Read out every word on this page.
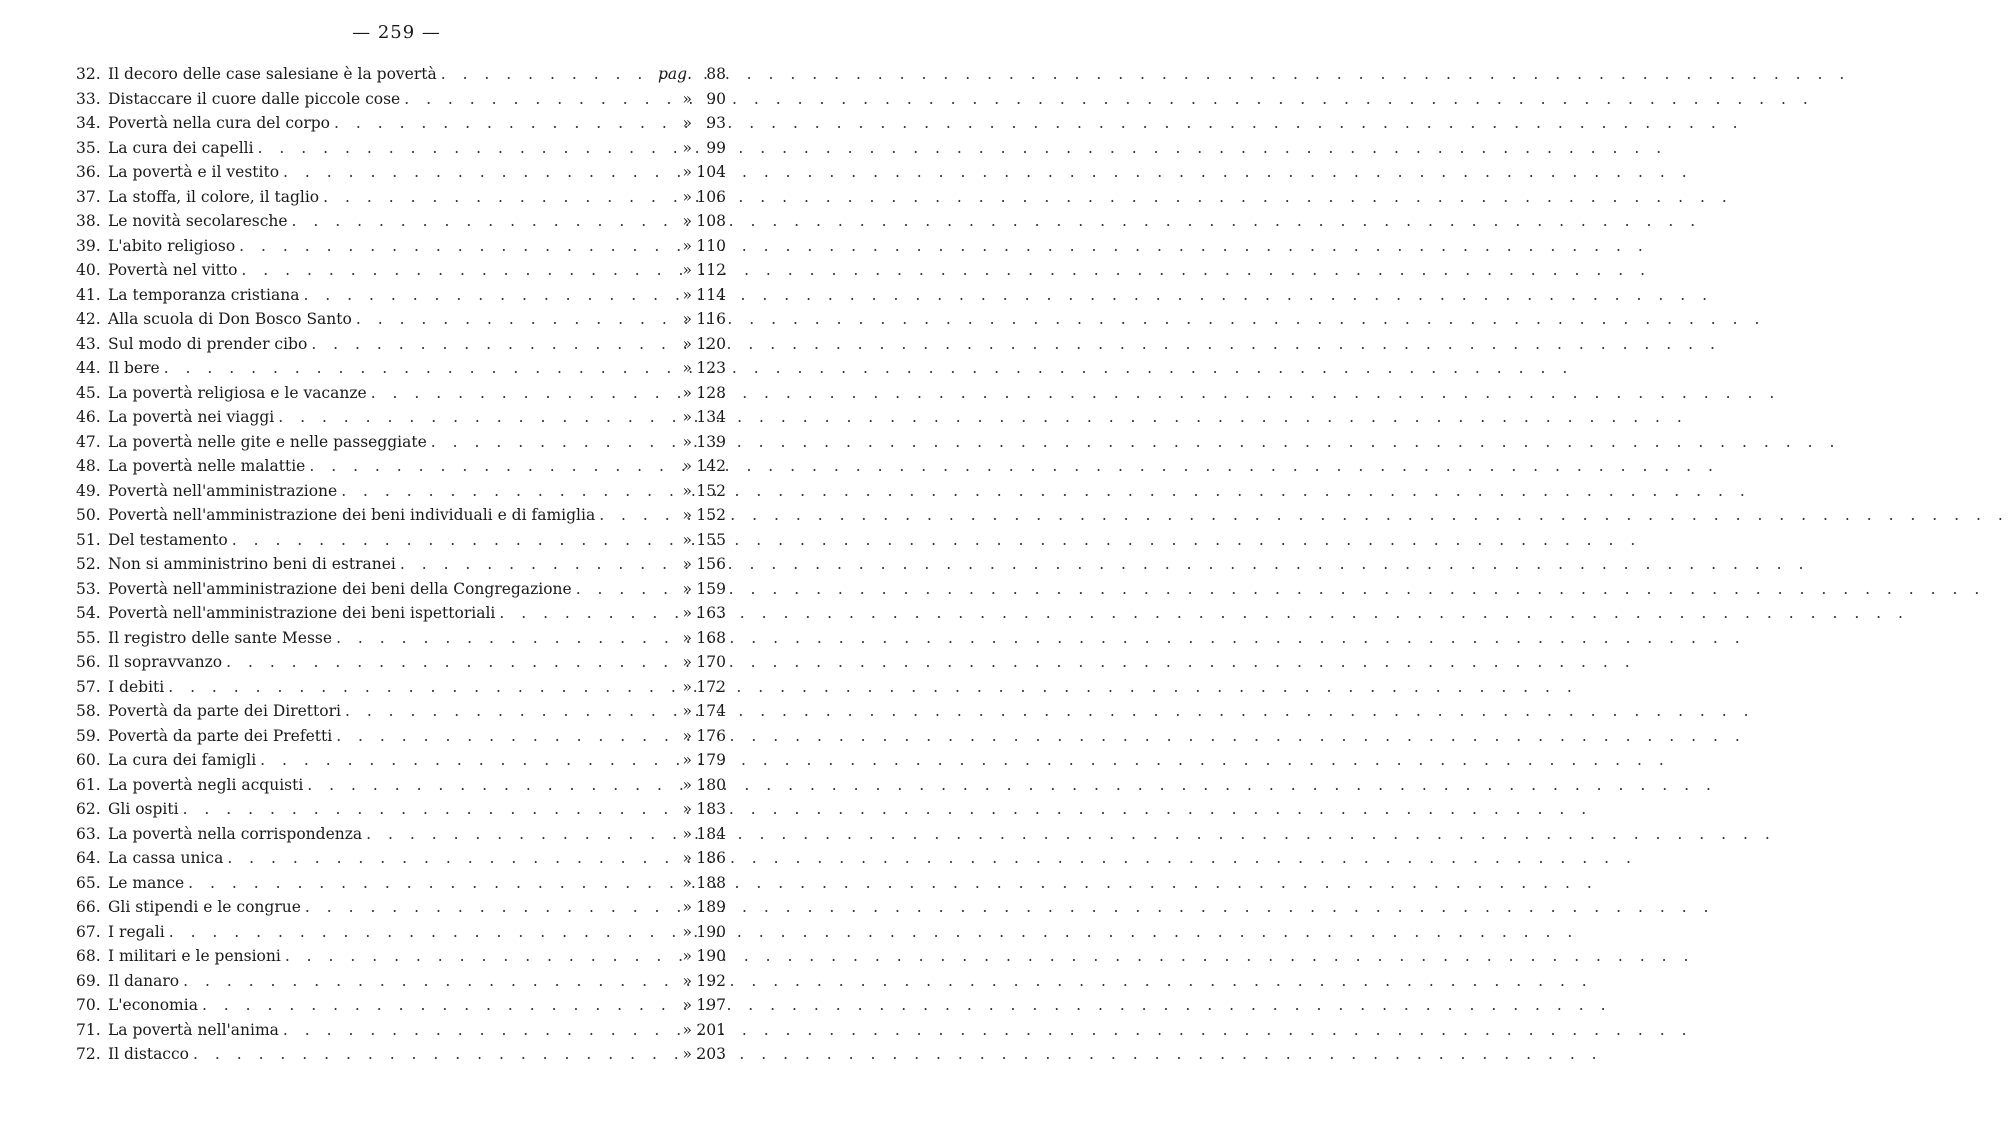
— 259 —
32. Il decoro delle case salesiane è la povertà . . .	pag. 88
33. Distaccare il cuore dalle piccole cose . . .	» 90
34. Povertà nella cura del corpo . . .	» 93
35. La cura dei capelli . . .	» 99
36. La povertà e il vestito . . .	» 104
37. La stoffa, il colore, il taglio . . .	» 106
38. Le novità secolaresche . . .	» 108
39. L'abito religioso . . .	» 110
40. Povertà nel vitto . . .	» 112
41. La temporanza cristiana . . .	» 114
42. Alla scuola di Don Bosco Santo . . .	» 116
43. Sul modo di prender cibo . . .	» 120
44. Il bere . . .	» 123
45. La povertà religiosa e le vacanze . . .	» 128
46. La povertà nei viaggi . . .	» 134
47. La povertà nelle gite e nelle passeggiate . . .	» 139
48. La povertà nelle malattie . . .	» 142
49. Povertà nell'amministrazione . . .	» 152
50. Povertà nell'amministrazione dei beni individuali e di famiglia . . .	» 152
51. Del testamento . . .	» 155
52. Non si amministrino beni di estranei . . .	» 156
53. Povertà nell'amministrazione dei beni della Congregazione . . .	» 159
54. Povertà nell'amministrazione dei beni ispettoriali . . .	» 163
55. Il registro delle sante Messe . . .	» 168
56. Il sopravvanzo . . .	» 170
57. I debiti . . .	» 172
58. Povertà da parte dei Direttori . . .	» 174
59. Povertà da parte dei Prefetti . . .	» 176
60. La cura dei famigli . . .	» 179
61. La povertà negli acquisti . . .	» 180
62. Gli ospiti . . .	» 183
63. La povertà nella corrispondenza . . .	» 184
64. La cassa unica . . .	» 186
65. Le mance . . .	» 188
66. Gli stipendi e le congrue . . .	» 189
67. I regali . . .	» 190
68. I militari e le pensioni . . .	» 190
69. Il danaro . . .	» 192
70. L'economia . . .	» 197
71. La povertà nell'anima . . .	» 201
72. Il distacco . . .	» 203
